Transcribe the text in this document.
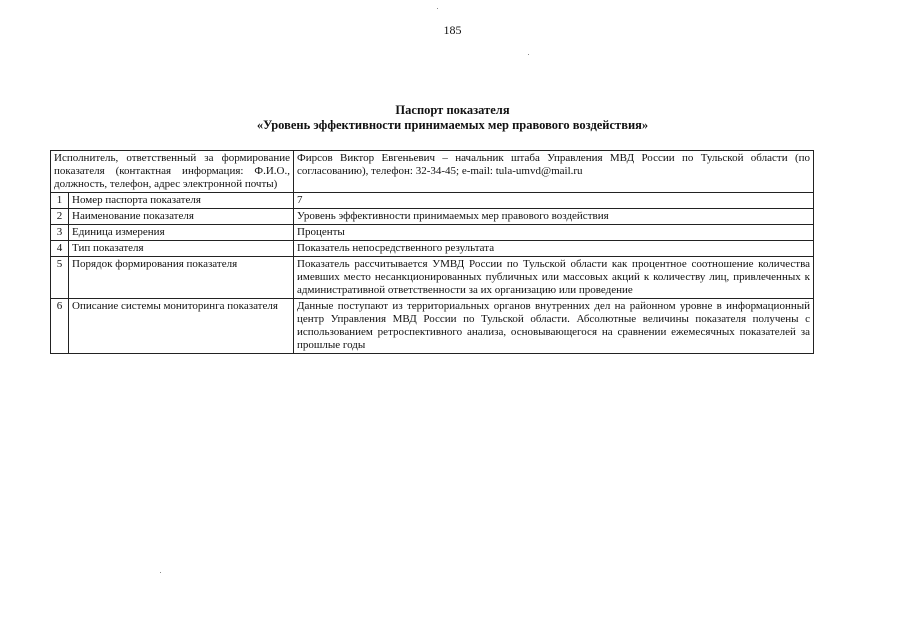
185
Паспорт показателя
«Уровень эффективности принимаемых мер правового воздействия»
Исполнитель, ответственный за формирование показателя (контактная информация: Ф.И.О., должность, телефон, адрес электронной почты)		Фирсов Виктор Евгеньевич – начальник штаба Управления МВД России по Тульской области (по согласованию), телефон: 32-34-45; e-mail: tula-umvd@mail.ru
1	Номер паспорта показателя	7
2	Наименование показателя	Уровень эффективности принимаемых мер правового воздействия
3	Единица измерения	Проценты
4	Тип показателя	Показатель непосредственного результата
5	Порядок формирования показателя	Показатель рассчитывается УМВД России по Тульской области как процентное соотношение количества имевших место несанкционированных публичных или массовых акций к количеству лиц, привлеченных к административной ответственности за их организацию или проведение
6	Описание системы мониторинга показателя	Данные поступают из территориальных органов внутренних дел на районном уровне в информационный центр Управления МВД России по Тульской области. Абсолютные величины показателя получены с использованием ретроспективного анализа, основывающегося на сравнении ежемесячных показателей за прошлые годы
